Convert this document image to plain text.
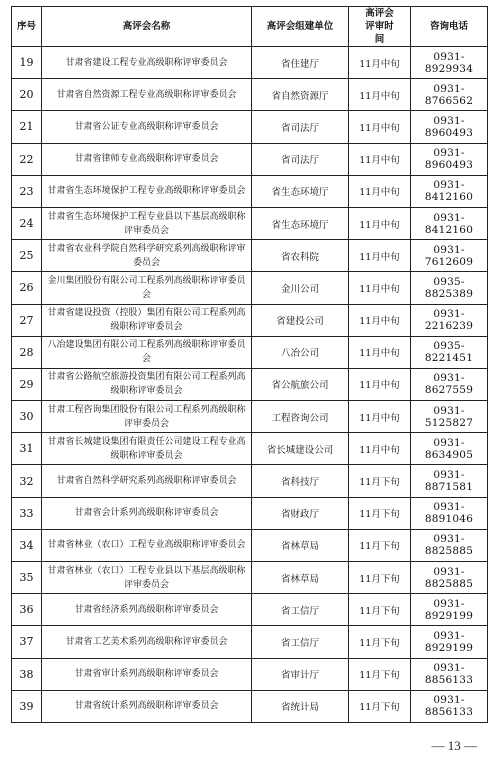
序号	高评会名称	高评会组建单位	高评会评审时间	咨询电话
19	甘肃省建设工程专业高级职称评审委员会	省住建厅	11月中旬	0931-8929934
20	甘肃省自然资源工程专业高级职称评审委员会	省自然资源厅	11月中旬	0931-8766562
21	甘肃省公证专业高级职称评审委员会	省司法厅	11月中旬	0931-8960493
22	甘肃省律师专业高级职称评审委员会	省司法厅	11月中旬	0931-8960493
23	甘肃省生态环境保护工程专业高级职称评审委员会	省生态环境厅	11月中旬	0931-8412160
24	甘肃省生态环境保护工程专业县以下基层高级职称评审委员会	省生态环境厅	11月中旬	0931-8412160
25	甘肃省农业科学院自然科学研究系列高级职称评审委员会	省农科院	11月中旬	0931-7612609
26	金川集团股份有限公司工程系列高级职称评审委员会	金川公司	11月中旬	0935-8825389
27	甘肃省建设投资（控股）集团有限公司工程系列高级职称评审委员会	省建投公司	11月中旬	0931-2216239
28	八冶建设集团有限公司工程系列高级职称评审委员会	八冶公司	11月中旬	0935-8221451
29	甘肃省公路航空旅游投资集团有限公司工程系列高级职称评审委员会	省公航旅公司	11月中旬	0931-8627559
30	甘肃工程咨询集团股份有限公司工程系列高级职称评审委员会	工程咨询公司	11月中旬	0931-5125827
31	甘肃省长城建设集团有限责任公司建设工程专业高级职称评审委员会	省长城建设公司	11月中旬	0931-8634905
32	甘肃省自然科学研究系列高级职称评审委员会	省科技厅	11月下旬	0931-8871581
33	甘肃省会计系列高级职称评审委员会	省财政厅	11月下旬	0931-8891046
34	甘肃省林业（农口）工程专业高级职称评审委员会	省林草局	11月下旬	0931-8825885
35	甘肃省林业（农口）工程专业县以下基层高级职称评审委员会	省林草局	11月下旬	0931-8825885
36	甘肃省经济系列高级职称评审委员会	省工信厅	11月下旬	0931-8929199
37	甘肃省工艺美术系列高级职称评审委员会	省工信厅	11月下旬	0931-8929199
38	甘肃省审计系列高级职称评审委员会	省审计厅	11月下旬	0931-8856133
39	甘肃省统计系列高级职称评审委员会	省统计局	11月下旬	0931-8856133
— 13 —
